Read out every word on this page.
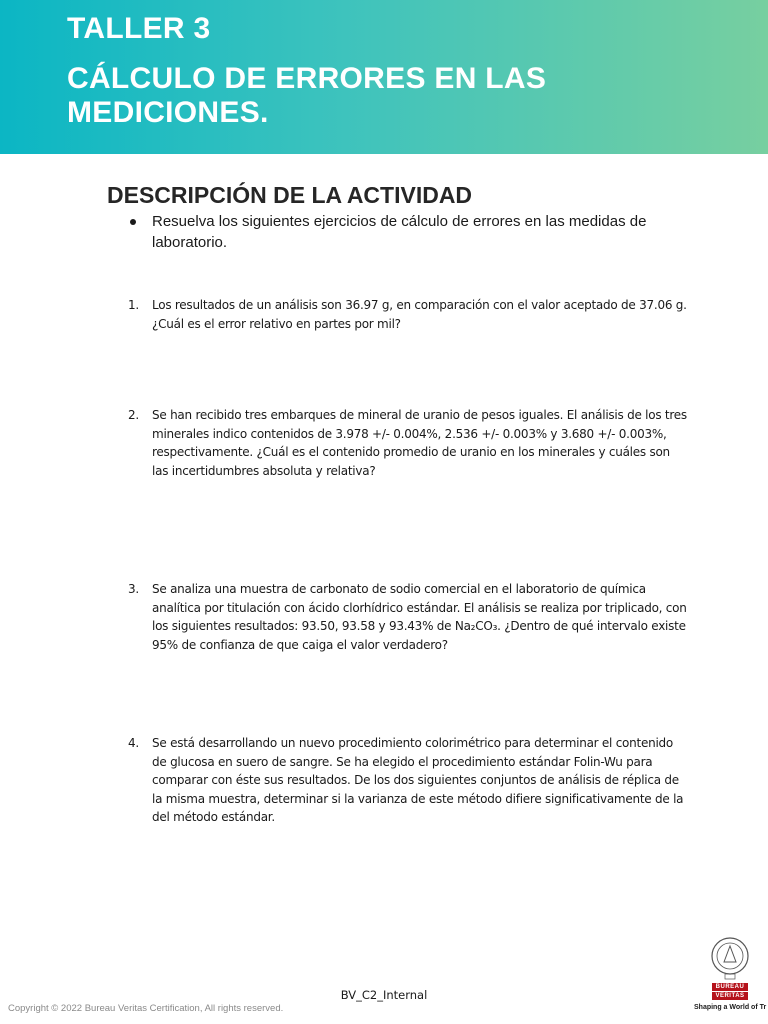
TALLER 3
CÁLCULO DE ERRORES EN LAS MEDICIONES.
DESCRIPCIÓN DE LA ACTIVIDAD
Resuelva los siguientes ejercicios de cálculo de errores en las medidas de laboratorio.
1. Los resultados de un análisis son 36.97 g, en comparación con el valor aceptado de 37.06 g. ¿Cuál es el error relativo en partes por mil?
2. Se han recibido tres embarques de mineral de uranio de pesos iguales. El análisis de los tres minerales indico contenidos de 3.978 +/- 0.004%, 2.536 +/- 0.003% y 3.680 +/- 0.003%, respectivamente. ¿Cuál es el contenido promedio de uranio en los minerales y cuáles son las incertidumbres absoluta y relativa?
3. Se analiza una muestra de carbonato de sodio comercial en el laboratorio de química analítica por titulación con ácido clorhídrico estándar. El análisis se realiza por triplicado, con los siguientes resultados: 93.50, 93.58 y 93.43% de Na₂CO₃. ¿Dentro de qué intervalo existe 95% de confianza de que caiga el valor verdadero?
4. Se está desarrollando un nuevo procedimiento colorimétrico para determinar el contenido de glucosa en suero de sangre. Se ha elegido el procedimiento estándar Folin-Wu para comparar con éste sus resultados. De los dos siguientes conjuntos de análisis de réplica de la misma muestra, determinar si la varianza de este método difiere significativamente de la del método estándar.
BV_C2_Internal
Copyright © 2022 Bureau Veritas Certification, All rights reserved.
BUREAU
VERITAS
Shaping a World of Tr
